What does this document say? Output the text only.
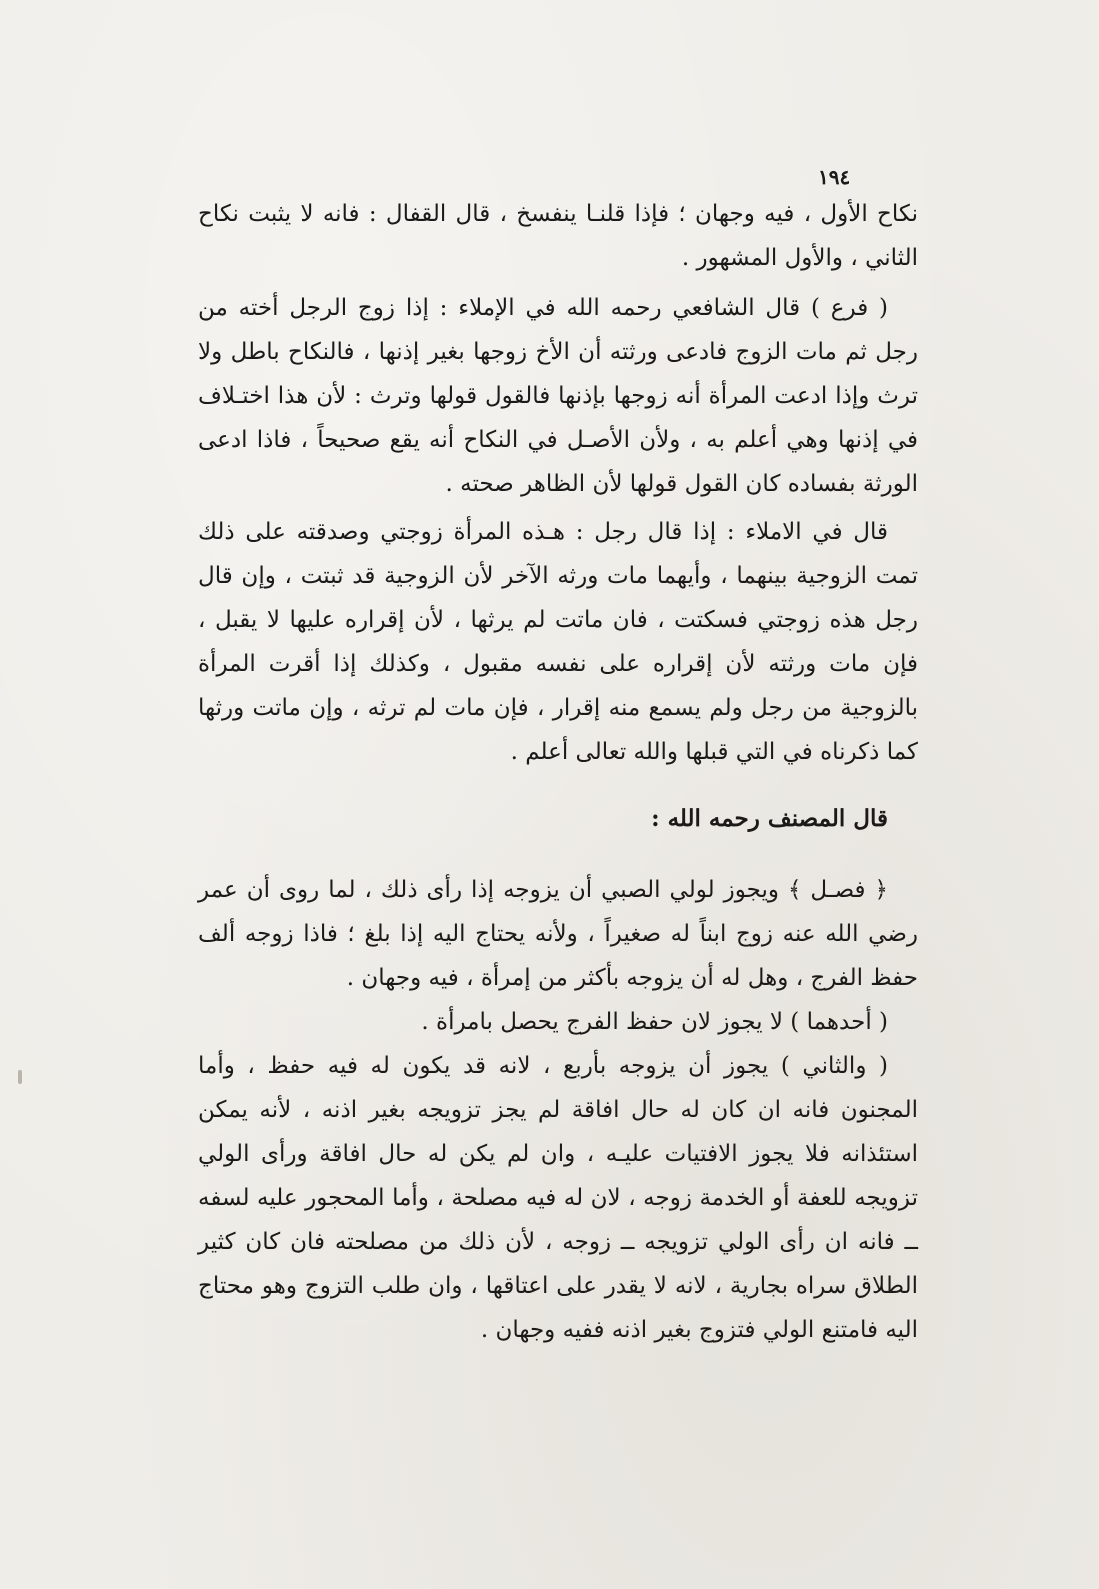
١٩٤

نكاح الأول ، فيه وجهان ؛ فإذا قلنـا ينفسخ ، قال القفال : فانه لا يثبت نكاح الثاني ، والأول المشهور .

( فرع ) قال الشافعي رحمه الله في الإملاء : إذا زوج الرجل أخته من رجل ثم مات الزوج فادعى ورثته أن الأخ زوجها بغير إذنها ، فالنكاح باطل ولا ترث وإذا ادعت المرأة أنه زوجها بإذنها فالقول قولها وترث : لأن هذا اختـلاف في إذنها وهي أعلم به ، ولأن الأصـل في النكاح أنه يقع صحيحاً ، فاذا ادعى الورثة بفساده كان القول قولها لأن الظاهر صحته .

قال في الاملاء : إذا قال رجل : هـذه المرأة زوجتي وصدقته على ذلك تمت الزوجية بينهما ، وأيهما مات ورثه الآخر لأن الزوجية قد ثبتت ، وإن قال رجل هذه زوجتي فسكتت ، فان ماتت لم يرثها ، لأن إقراره عليها لا يقبل ، فإن مات ورثته لأن إقراره على نفسه مقبول ، وكذلك إذا أقرت المرأة بالزوجية من رجل ولم يسمع منه إقرار ، فإن مات لم ترثه ، وإن ماتت ورثها كما ذكرناه في التي قبلها والله تعالى أعلم .

قال المصنف رحمه الله :

﴿ فصـل ﴾ ويجوز لولي الصبي أن يزوجه إذا رأى ذلك ، لما روى أن عمر رضي الله عنه زوج ابناً له صغيراً ، ولأنه يحتاج اليه إذا بلغ ؛ فاذا زوجه ألف حفظ الفرج ، وهل له أن يزوجه بأكثر من إمرأة ، فيه وجهان .

( أحدهما ) لا يجوز لان حفظ الفرج يحصل بامرأة .

( والثاني ) يجوز أن يزوجه بأربع ، لانه قد يكون له فيه حفظ ، وأما المجنون فانه ان كان له حال افاقة لم يجز تزويجه بغير اذنه ، لأنه يمكن استئذانه فلا يجوز الافتيات عليـه ، وان لم يكن له حال افاقة ورأى الولي تزويجه للعفة أو الخدمة زوجه ، لان له فيه مصلحة ، وأما المحجور عليه لسفه ــ فانه ان رأى الولي تزويجه ــ زوجه ، لأن ذلك من مصلحته فان كان كثير الطلاق سراه بجارية ، لانه لا يقدر على اعتاقها ، وان طلب التزوج وهو محتاج اليه فامتنع الولي فتزوج بغير اذنه ففيه وجهان .
